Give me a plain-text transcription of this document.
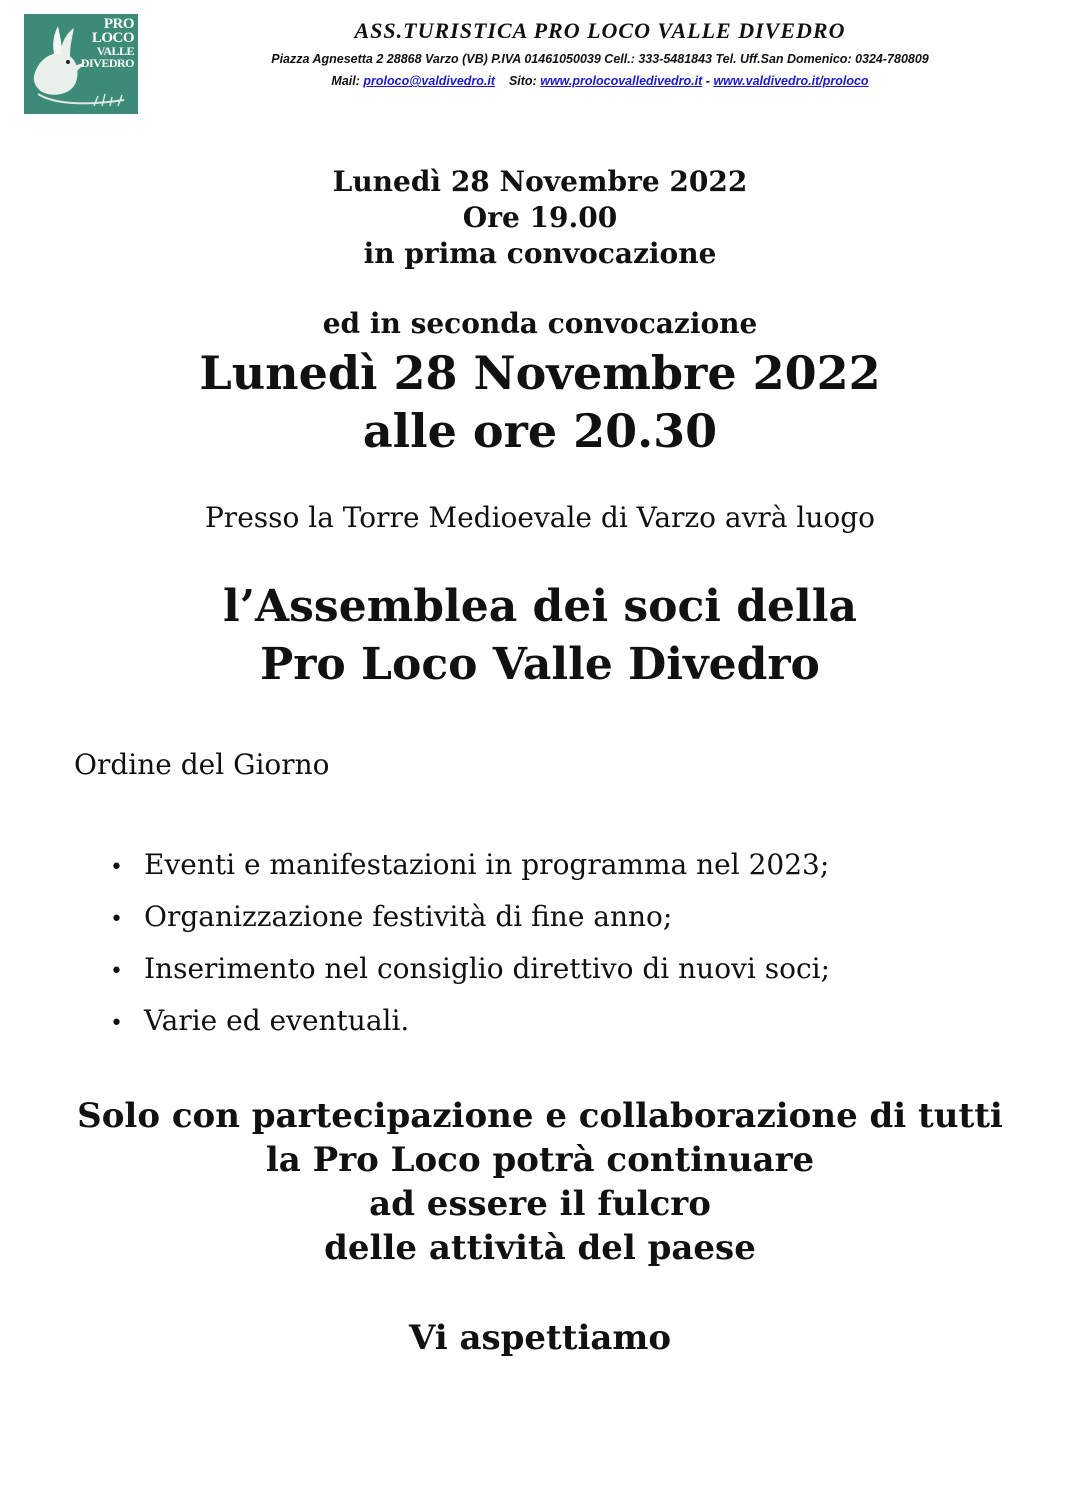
PRO
LOCO
VALLE
DIVEDRO
ASS.TURISTICA PRO LOCO VALLE DIVEDRO
Piazza Agnesetta 2 28868 Varzo (VB) P.IVA 01461050039 Cell.: 333-5481843 Tel. Uff.San Domenico: 0324-780809
Mail: proloco@valdivedro.it Sito: www.prolocovalledivedro.it - www.valdivedro.it/proloco
Lunedì 28 Novembre 2022
Ore 19.00
in prima convocazione
ed in seconda convocazione
Lunedì 28 Novembre 2022
alle ore 20.30
Presso la Torre Medioevale di Varzo avrà luogo
l’Assemblea dei soci della
Pro Loco Valle Divedro
Ordine del Giorno
• Eventi e manifestazioni in programma nel 2023;
• Organizzazione festività di fine anno;
• Inserimento nel consiglio direttivo di nuovi soci;
• Varie ed eventuali.
Solo con partecipazione e collaborazione di tutti
la Pro Loco potrà continuare
ad essere il fulcro
delle attività del paese
Vi aspettiamo
